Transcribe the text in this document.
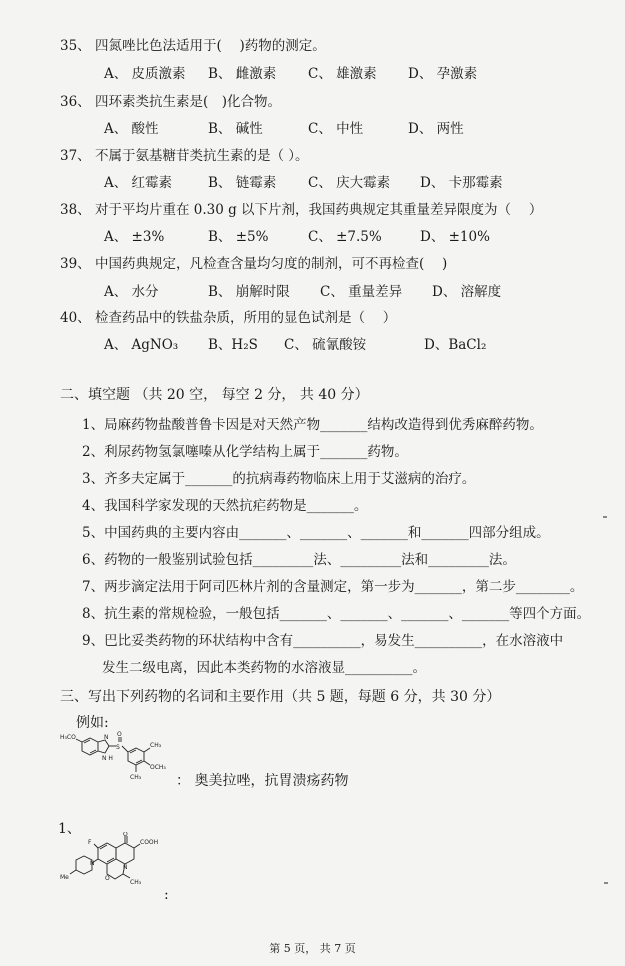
35、 四氮唑比色法适用于(　 )药物的测定。
A、 皮质激素 B、 雌激素 C、 雄激素 D、 孕激素
36、 四环素类抗生素是(　)化合物。
A、 酸性	B、 碱性	C、 中性	D、 两性
37、 不属于氨基糖苷类抗生素的是（ ）。
A、 红霉素	B、 链霉素 C、 庆大霉素 D、 卡那霉素
38、 对于平均片重在 0.30 g 以下片剂，我国药典规定其重量差异限度为（　 ）
A、 ±3%	B、 ±5%	C、 ±7.5%	D、 ±10%
39、 中国药典规定，凡检查含量均匀度的制剂，可不再检查(　 )
A、 水分	B、 崩解时限 C、 重量差异 D、 溶解度
40、 检查药品中的铁盐杂质，所用的显色试剂是（　 ）
A、 AgNO₃ B、H₂S C、 硫氰酸铵	D、BaCl₂
二、填空题 （共 20 空， 每空 2 分， 共 40 分）
1、局麻药物盐酸普鲁卡因是对天然产物_______结构改造得到优秀麻醉药物。
2、利尿药物氢氯噻嗪从化学结构上属于_______药物。
3、齐多夫定属于_______的抗病毒药物临床上用于艾滋病的治疗。
4、我国科学家发现的天然抗疟药物是_______。
5、中国药典的主要内容由_______、_______、_______和_______四部分组成。
6、药物的一般鉴别试验包括_________法、_________法和_________法。
7、两步滴定法用于阿司匹林片剂的含量测定，第一步为_______，第二步________。
8、抗生素的常规检验，一般包括_______、_______、_______、_______等四个方面。
9、巴比妥类药物的环状结构中含有__________，易发生__________，在水溶液中
发生二级电离，因此本类药物的水溶液显__________。
三、写出下列药物的名词和主要作用（共 5 题，每题 6 分，共 30 分）
例如:
H₃CO	N
N H
S
O
CH₃
OCH₃
CH₃ ： 奥美拉唑，抗胃溃疡药物
1、
F	COOH
O
Me
N
N
O
CH₃
:
第 5 页， 共 7 页
